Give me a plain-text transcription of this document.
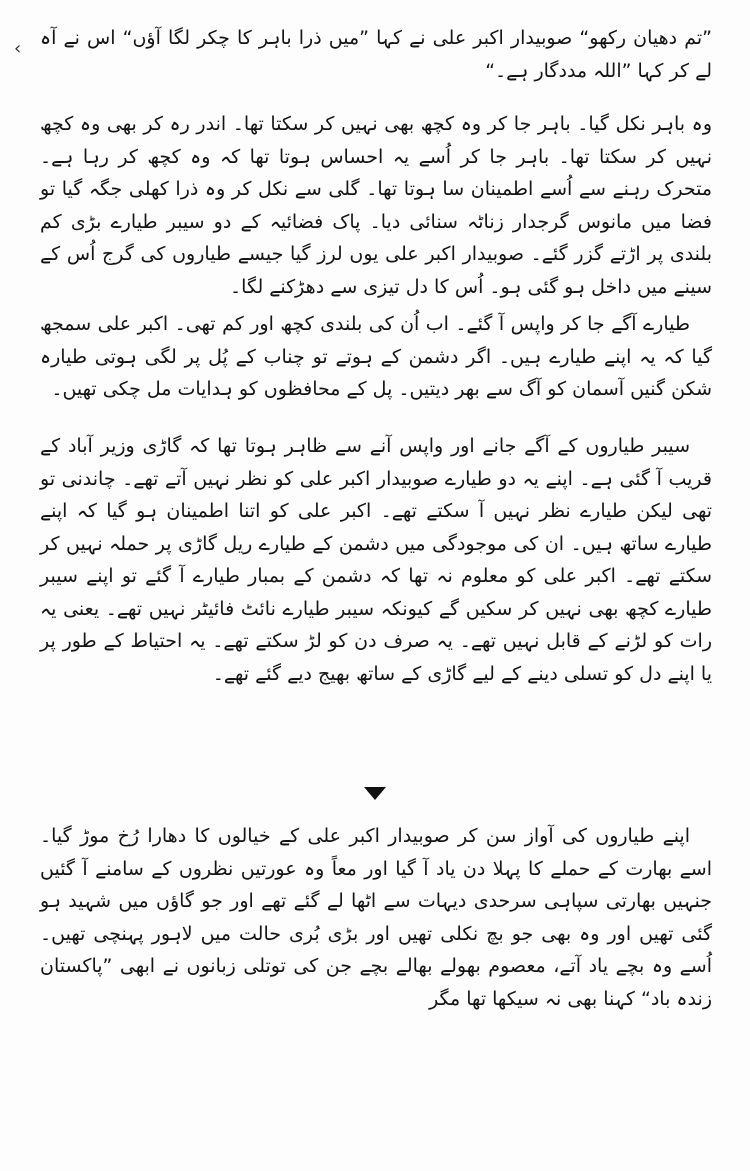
‹ ”تم دھیان رکھو“ صوبیدار اکبر علی نے کہا ”میں ذرا باہر کا چکر لگا آؤں“ اس نے آہ لے کر کہا ”اللہ مددگار ہے۔“

وہ باہر نکل گیا۔ باہر جا کر وہ کچھ بھی نہیں کر سکتا تھا۔ اندر رہ کر بھی وہ کچھ نہیں کر سکتا تھا۔ باہر جا کر اُسے یہ احساس ہوتا تھا کہ وہ کچھ کر رہا ہے۔ متحرک رہنے سے اُسے اطمینان سا ہوتا تھا۔ گلی سے نکل کر وہ ذرا کھلی جگہ گیا تو فضا میں مانوس گرجدار زناٹہ سنائی دیا۔ پاک فضائیہ کے دو سیبر طیارے بڑی کم بلندی پر اڑتے گزر گئے۔ صوبیدار اکبر علی یوں لرز گیا جیسے طیاروں کی گرج اُس کے سینے میں داخل ہو گئی ہو۔ اُس کا دل تیزی سے دھڑکنے لگا۔

طیارے آگے جا کر واپس آ گئے۔ اب اُن کی بلندی کچھ اور کم تھی۔ اکبر علی سمجھ گیا کہ یہ اپنے طیارے ہیں۔ اگر دشمن کے ہوتے تو چناب کے پُل پر لگی ہوتی طیارہ شکن گنیں آسمان کو آگ سے بھر دیتیں۔ پل کے محافظوں کو ہدایات مل چکی تھیں۔

سیبر طیاروں کے آگے جانے اور واپس آنے سے ظاہر ہوتا تھا کہ گاڑی وزیر آباد کے قریب آ گئی ہے۔ اپنے یہ دو طیارے صوبیدار اکبر علی کو نظر نہیں آتے تھے۔ چاندنی تو تھی لیکن طیارے نظر نہیں آ سکتے تھے۔ اکبر علی کو اتنا اطمینان ہو گیا کہ اپنے طیارے ساتھ ہیں۔ ان کی موجودگی میں دشمن کے طیارے ریل گاڑی پر حملہ نہیں کر سکتے تھے۔ اکبر علی کو معلوم نہ تھا کہ دشمن کے بمبار طیارے آ گئے تو اپنے سیبر طیارے کچھ بھی نہیں کر سکیں گے کیونکہ سیبر طیارے نائٹ فائیٹر نہیں تھے۔ یعنی یہ رات کو لڑنے کے قابل نہیں تھے۔ یہ صرف دن کو لڑ سکتے تھے۔ یہ احتیاط کے طور پر یا اپنے دل کو تسلی دینے کے لیے گاڑی کے ساتھ بھیج دیے گئے تھے۔

اپنے طیاروں کی آواز سن کر صوبیدار اکبر علی کے خیالوں کا دھارا رُخ موڑ گیا۔ اسے بھارت کے حملے کا پہلا دن یاد آ گیا اور معاً وہ عورتیں نظروں کے سامنے آ گئیں جنہیں بھارتی سپاہی سرحدی دیہات سے اٹھا لے گئے تھے اور جو گاؤں میں شہید ہو گئی تھیں اور وہ بھی جو بچ نکلی تھیں اور بڑی بُری حالت میں لاہور پہنچی تھیں۔ اُسے وہ بچے یاد آتے، معصوم بھولے بھالے بچے جن کی توتلی زبانوں نے ابھی ”پاکستان زندہ باد“ کہنا بھی نہ سیکھا تھا مگر
